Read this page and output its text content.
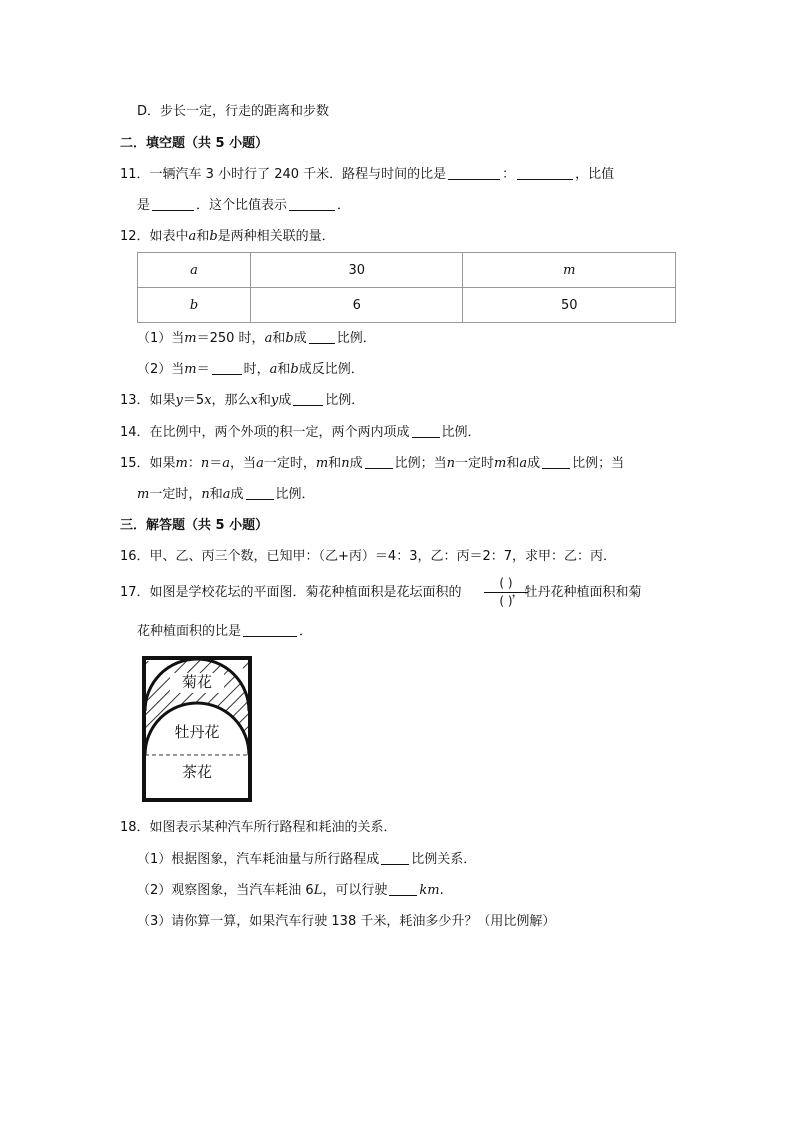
D．步长一定，行走的距离和步数
二．填空题（共 5 小题）
11．一辆汽车 3 小时行了 240 千米．路程与时间的比是	：	，比值
是	．这个比值表示	．
12．如表中a和b是两种相关联的量．
a	30	m
b	6	50
（1）当m＝250 时，a和b成 比例．
（2）当m＝	时，a和b成反比例．
13．如果y＝5x，那么x和y成	比例．
14．在比例中，两个外项的积一定，两个两内项成 比例．
15．如果m：n＝a，当a一定时，m和n成 比例；当n一定时m和a成 比例；当
m一定时，n和a成 比例．
三．解答题（共 5 小题）
16．甲、乙、丙三个数，已知甲：（乙+丙）＝4：3，乙：丙＝2：7，求甲：乙：丙．
17．如图是学校花坛的平面图．菊花种植面积是花坛面积的	，牡丹花种植面积和菊
( )
( )
花种植面积的比是	．
菊花
牡丹花
茶花
18．如图表示某种汽车所行路程和耗油的关系．
（1）根据图象，汽车耗油量与所行路程成 比例关系．
（2）观察图象，当汽车耗油 6L，可以行驶 km.
（3）请你算一算，如果汽车行驶 138 千米，耗油多少升？（用比例解）
